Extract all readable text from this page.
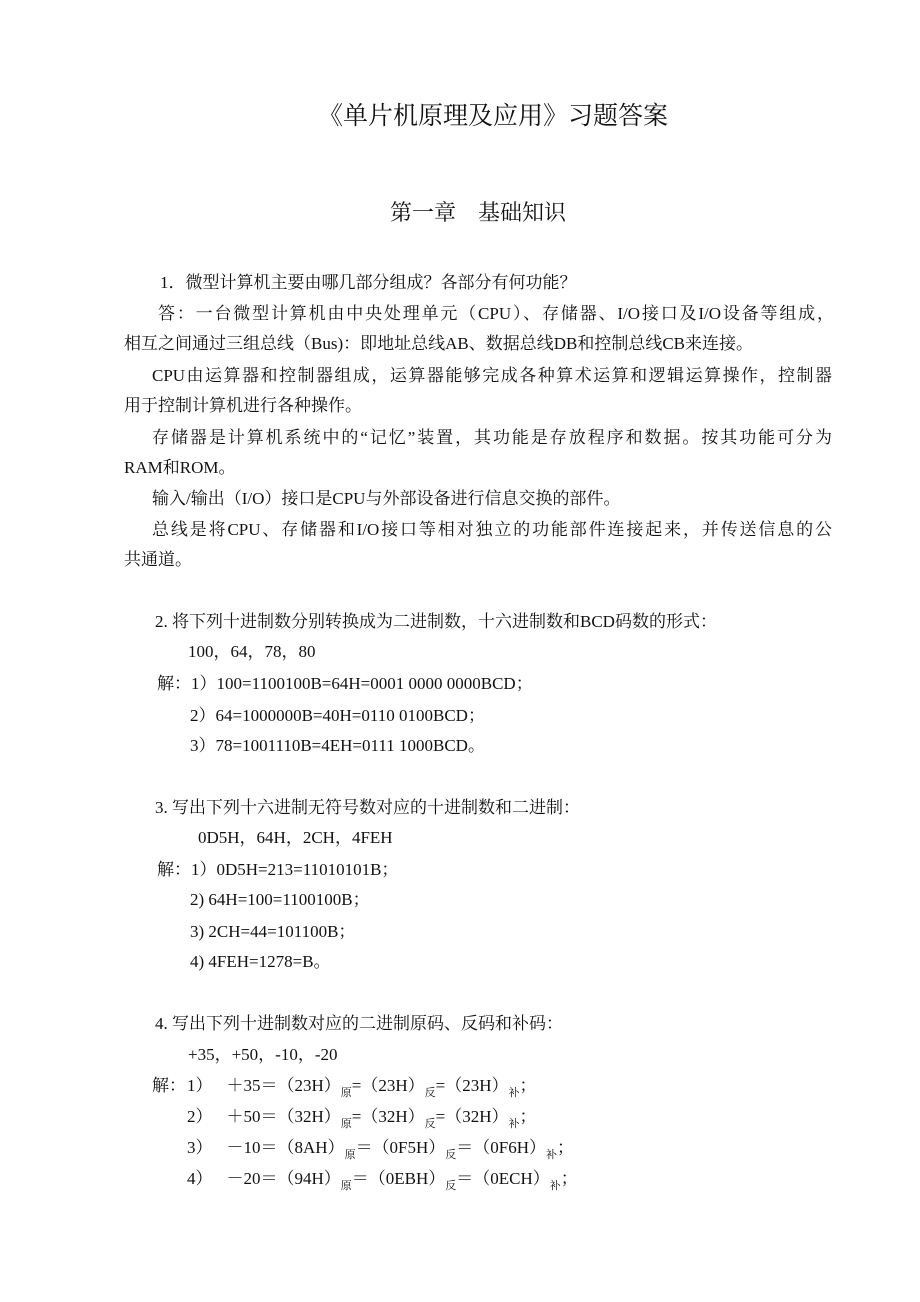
《单片机原理及应用》习题答案
第一章　基础知识
1．微型计算机主要由哪几部分组成？各部分有何功能？
答：一台微型计算机由中央处理单元（CPU）、存储器、I/O接口及I/O设备等组成，
相互之间通过三组总线（Bus)：即地址总线AB、数据总线DB和控制总线CB来连接。
CPU由运算器和控制器组成，运算器能够完成各种算术运算和逻辑运算操作，控制器
用于控制计算机进行各种操作。
存储器是计算机系统中的“记忆”装置，其功能是存放程序和数据。按其功能可分为
RAM和ROM。
输入/输出（I/O）接口是CPU与外部设备进行信息交换的部件。
总线是将CPU、存储器和I/O接口等相对独立的功能部件连接起来，并传送信息的公
共通道。
2. 将下列十进制数分别转换成为二进制数，十六进制数和BCD码数的形式：
100，64，78，80
解：1）100=1100100B=64H=0001 0000 0000BCD；
2）64=1000000B=40H=0110 0100BCD；
3）78=1001110B=4EH=0111 1000BCD。
3. 写出下列十六进制无符号数对应的十进制数和二进制：
0D5H，64H，2CH，4FEH
解：1）0D5H=213=11010101B；
2) 64H=100=1100100B；
3) 2CH=44=101100B；
4) 4FEH=1278=B。
4. 写出下列十进制数对应的二进制原码、反码和补码：
+35，+50，-10，-20
解： $1) +35=(23H)_原=(23H)_反=(23H)_补$；
$2) +50=(32H)_原=(32H)_反=(32H)_补$；
$3) -10=(8AH)_原=(0F5H)_反=(0F6H)_补$；
$4) -20=(94H)_原=(0EBH)_反=(0ECH)_补$；
